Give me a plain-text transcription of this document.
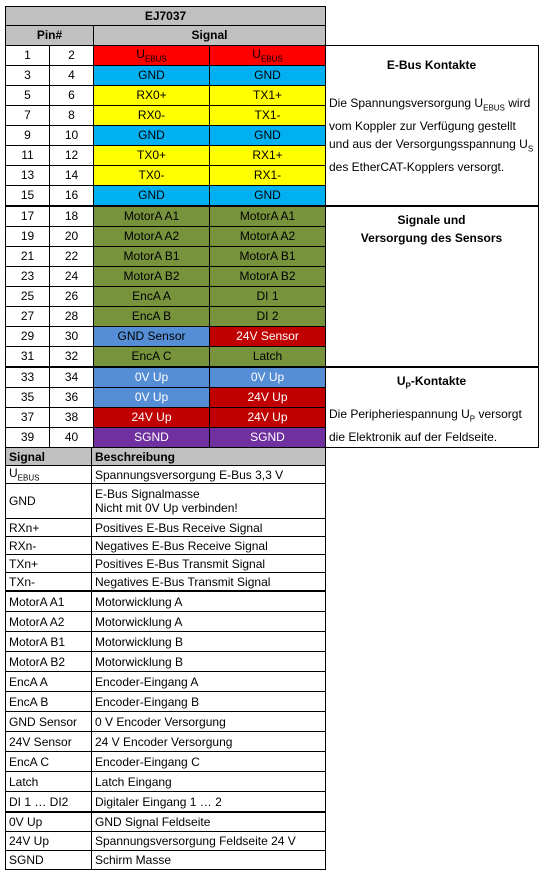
EJ7037				
Pin#		Signal		
1	2	$U_{EBUS}$	$U_{EBUS}$	E-Bus Kontakte
Die Spannungsversorgung $U_{EBUS}$ wird vom Koppler zur Verfügung gestellt und aus der Versorgungsspannung $U_S$ des EtherCAT-Kopplers versorgt.
3	4	GND	GND	
5	6	RX0+	TX1+	
7	8	RX0-	TX1-	
9	10	GND	GND	
11	12	TX0+	RX1+	
13	14	TX0-	RX1-	
15	16	GND	GND	
17	18	MotorA A1	MotorA A1	Signale und
Versorgung des Sensors

19	20	MotorA A2	MotorA A2	
21	22	MotorA B1	MotorA B1	
23	24	MotorA B2	MotorA B2	
25	26	EncA A	DI 1	
27	28	EncA B	DI 2	
29	30	GND Sensor	24V Sensor	
31	32	EncA C	Latch	
33	34	0V Up	0V Up	$U_P$-Kontakte
Die Peripheriespannung $U_P$ versorgt die Elektronik auf der Feldseite.
35	36	0V Up	24V Up	
37	38	24V Up	24V Up	
39	40	SGND	SGND	
Signal	Beschreibung
$U_{EBUS}$	Spannungsversorgung E-Bus 3,3 V
GND	E-Bus Signalmasse
Nicht mit 0V Up verbinden!

RXn+	Positives E-Bus Receive Signal
RXn-	Negatives E-Bus Receive Signal
TXn+	Positives E-Bus Transmit Signal
TXn-	Negatives E-Bus Transmit Signal
MotorA A1	Motorwicklung A
MotorA A2	Motorwicklung A
MotorA B1	Motorwicklung B
MotorA B2	Motorwicklung B
EncA A	Encoder-Eingang A
EncA B	Encoder-Eingang B
GND Sensor	0 V Encoder Versorgung
24V Sensor	24 V Encoder Versorgung
EncA C	Encoder-Eingang C
Latch	Latch Eingang
DI 1 … DI2	Digitaler Eingang 1 … 2
0V Up	GND Signal Feldseite
24V Up	Spannungsversorgung Feldseite 24 V
SGND	Schirm Masse
